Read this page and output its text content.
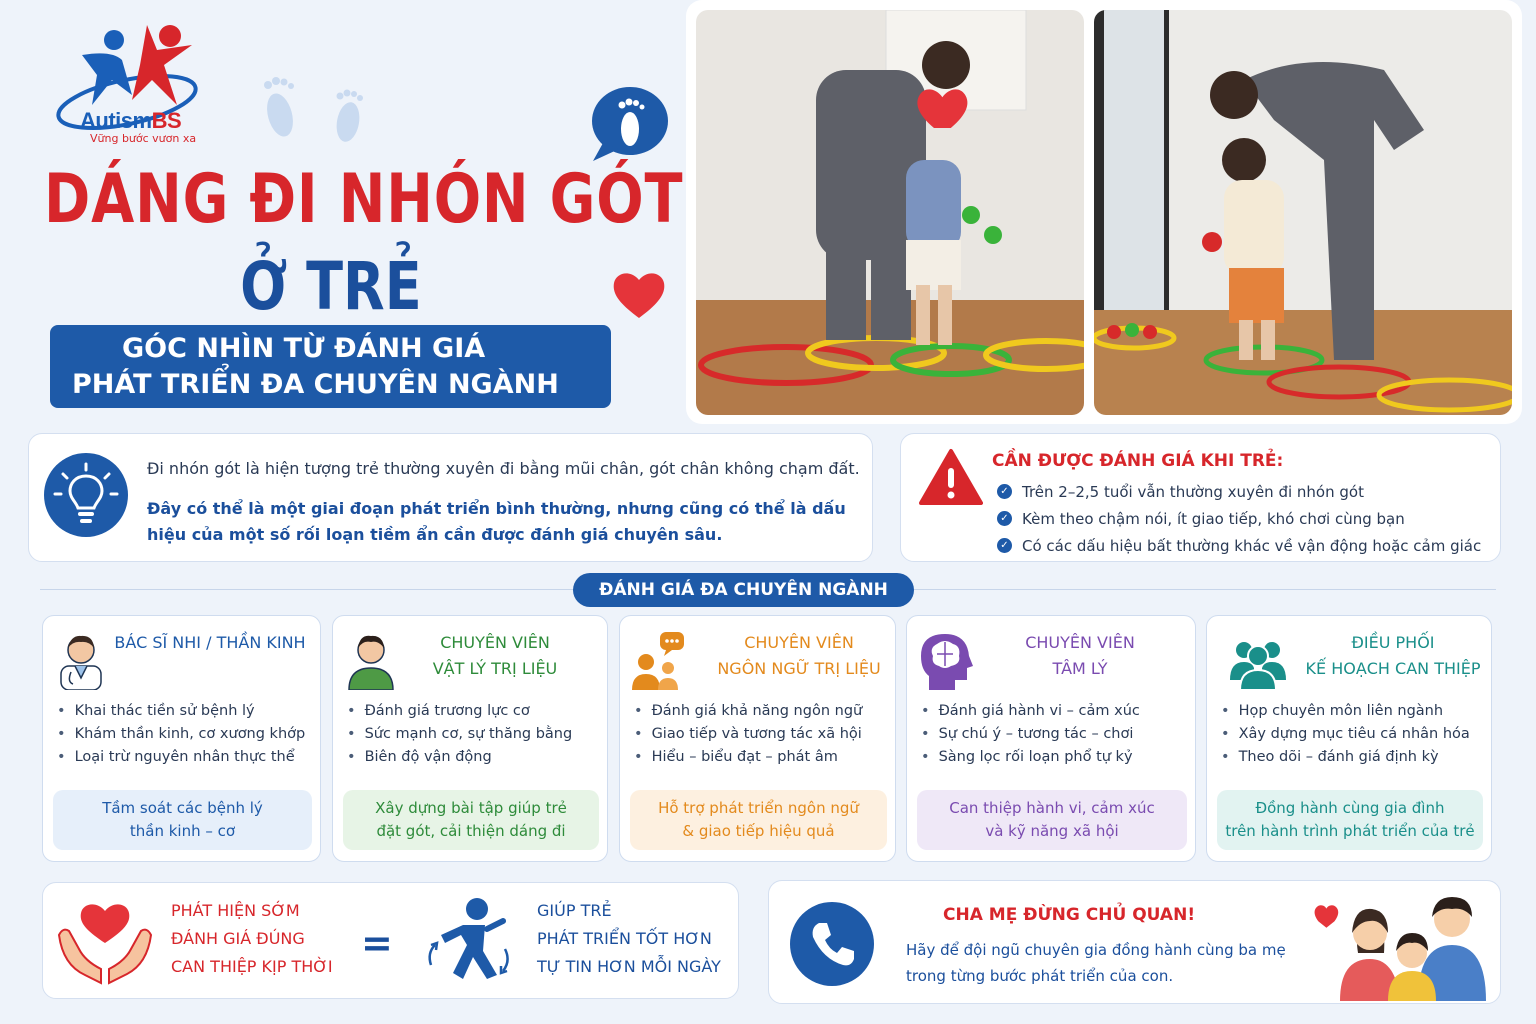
AutismBS
Vững bước vươn xa
DÁNG ĐI NHÓN GÓT
Ở TRẺ
GÓC NHÌN TỪ ĐÁNH GIÁ
PHÁT TRIỂN ĐA CHUYÊN NGÀNH
Đi nhón gót là hiện tượng trẻ thường xuyên đi bằng mũi chân, gót chân không chạm đất.
Đây có thể là một giai đoạn phát triển bình thường, nhưng cũng có thể là dấu hiệu của một số rối loạn tiềm ẩn cần được đánh giá chuyên sâu.
CẦN ĐƯỢC ĐÁNH GIÁ KHI TRẺ:
✓ Trên 2–2,5 tuổi vẫn thường xuyên đi nhón gót
✓ Kèm theo chậm nói, ít giao tiếp, khó chơi cùng bạn
✓ Có các dấu hiệu bất thường khác về vận động hoặc cảm giác
ĐÁNH GIÁ ĐA CHUYÊN NGÀNH
BÁC SĨ NHI / THẦN KINH
• Khai thác tiền sử bệnh lý
• Khám thần kinh, cơ xương khớp
• Loại trừ nguyên nhân thực thể
Tầm soát các bệnh lý
thần kinh – cơ
CHUYÊN VIÊN
VẬT LÝ TRỊ LIỆU
• Đánh giá trương lực cơ
• Sức mạnh cơ, sự thăng bằng
• Biên độ vận động
Xây dựng bài tập giúp trẻ
đặt gót, cải thiện dáng đi
CHUYÊN VIÊN
NGÔN NGỮ TRỊ LIỆU
• Đánh giá khả năng ngôn ngữ
• Giao tiếp và tương tác xã hội
• Hiểu – biểu đạt – phát âm
Hỗ trợ phát triển ngôn ngữ
& giao tiếp hiệu quả
CHUYÊN VIÊN
TÂM LÝ
• Đánh giá hành vi – cảm xúc
• Sự chú ý – tương tác – chơi
• Sàng lọc rối loạn phổ tự kỷ
Can thiệp hành vi, cảm xúc
và kỹ năng xã hội
ĐIỀU PHỐI
KẾ HOẠCH CAN THIỆP
• Họp chuyên môn liên ngành
• Xây dựng mục tiêu cá nhân hóa
• Theo dõi – đánh giá định kỳ
Đồng hành cùng gia đình
trên hành trình phát triển của trẻ
PHÁT HIỆN SỚM
ĐÁNH GIÁ ĐÚNG
CAN THIỆP KỊP THỜI
=
GIÚP TRẺ
PHÁT TRIỂN TỐT HƠN
TỰ TIN HƠN MỖI NGÀY
CHA MẸ ĐỪNG CHỦ QUAN!
Hãy để đội ngũ chuyên gia đồng hành cùng ba mẹ trong từng bước phát triển của con.
